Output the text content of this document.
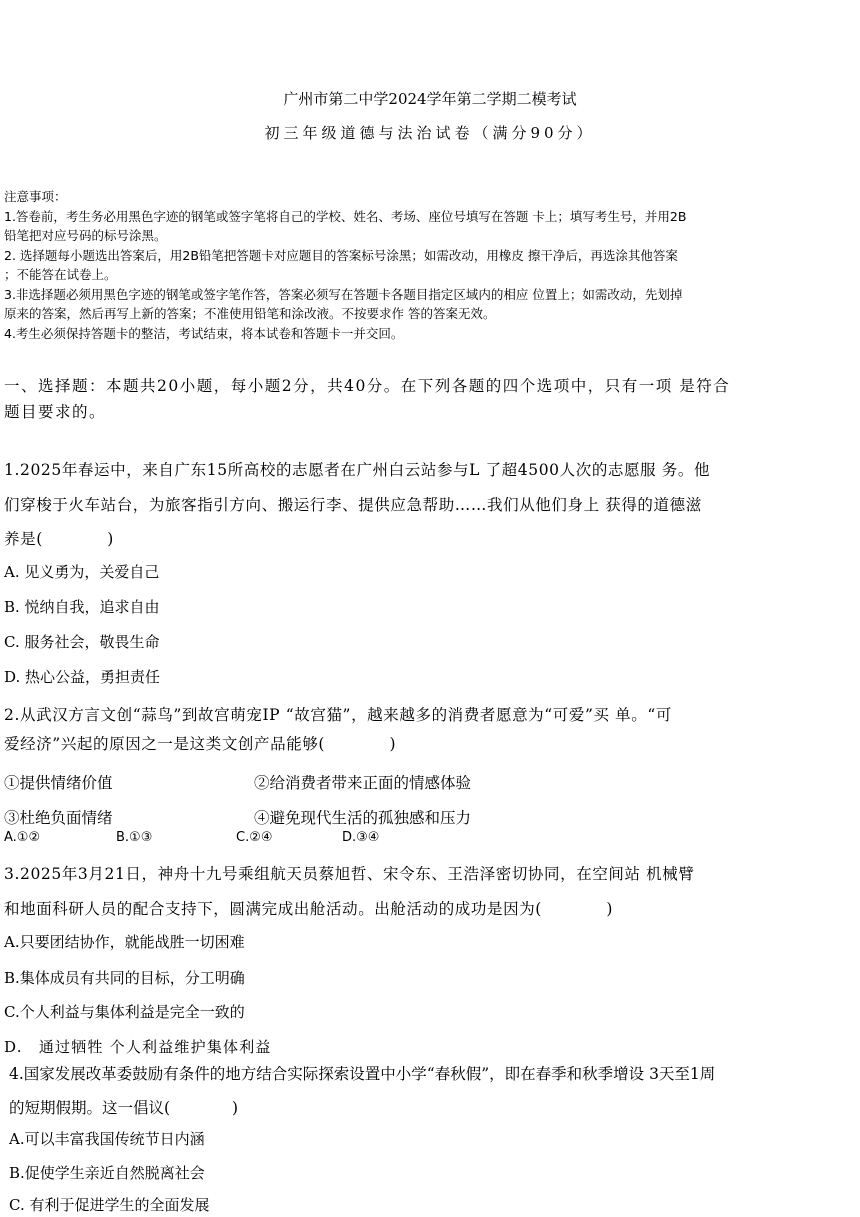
广州市第二中学2024学年第二学期二模考试
初三年级道德与法治试卷（满分90分）
注意事项：
1.答卷前，考生务必用黑色字迹的钢笔或签字笔将自己的学校、姓名、考场、座位号填写在答题 卡上；填写考生号，并用2B
铅笔把对应号码的标号涂黑。
2. 选择题每小题选出答案后，用2B铅笔把答题卡对应题目的答案标号涂黑；如需改动，用橡皮 擦干净后，再选涂其他答案
；不能答在试卷上。
3.非选择题必须用黑色字迹的钢笔或签字笔作答，答案必须写在答题卡各题目指定区域内的相应 位置上；如需改动，先划掉
原来的答案，然后再写上新的答案；不准使用铅笔和涂改液。不按要求作 答的答案无效。
4.考生必须保持答题卡的整洁，考试结束，将本试卷和答题卡一并交回。
一、选择题：本题共20小题，每小题2分，共40分。在下列各题的四个选项中，只有一项 是符合
题目要求的。
1.2025年春运中，来自广东15所高校的志愿者在广州白云站参与L 了超4500人次的志愿服 务。他
们穿梭于火车站台，为旅客指引方向、搬运行李、提供应急帮助……我们从他们身上 获得的道德滋
养是(　　　　)
A. 见义勇为，关爱自己
B. 悦纳自我，追求自由
C. 服务社会，敬畏生命
D. 热心公益，勇担责任
2.从武汉方言文创“蒜鸟”到故宫萌宠IP “故宫猫”，越来越多的消费者愿意为“可爱”买 单。“可
爱经济”兴起的原因之一是这类文创产品能够(　　　　)
①提供情绪价值	②给消费者带来正面的情感体验
③杜绝负面情绪	④避免现代生活的孤独感和压力
A.①②	B.①③	C.②④	D.③④
3.2025年3月21日，神舟十九号乘组航天员蔡旭哲、宋令东、王浩泽密切协同，在空间站 机械臂
和地面科研人员的配合支持下，圆满完成出舱活动。出舱活动的成功是因为(　　　　)
A.只要团结协作，就能战胜一切困难
B.集体成员有共同的目标，分工明确
C.个人利益与集体利益是完全一致的
D.　通过牺牲 个人利益维护集体利益
4.国家发展改革委鼓励有条件的地方结合实际探索设置中小学“春秋假”，即在春季和秋季增设 3天至1周
的短期假期。这一倡议(　　　　)
A.可以丰富我国传统节日内涵
B.促使学生亲近自然脱离社会
C. 有利于促进学生的全面发展
